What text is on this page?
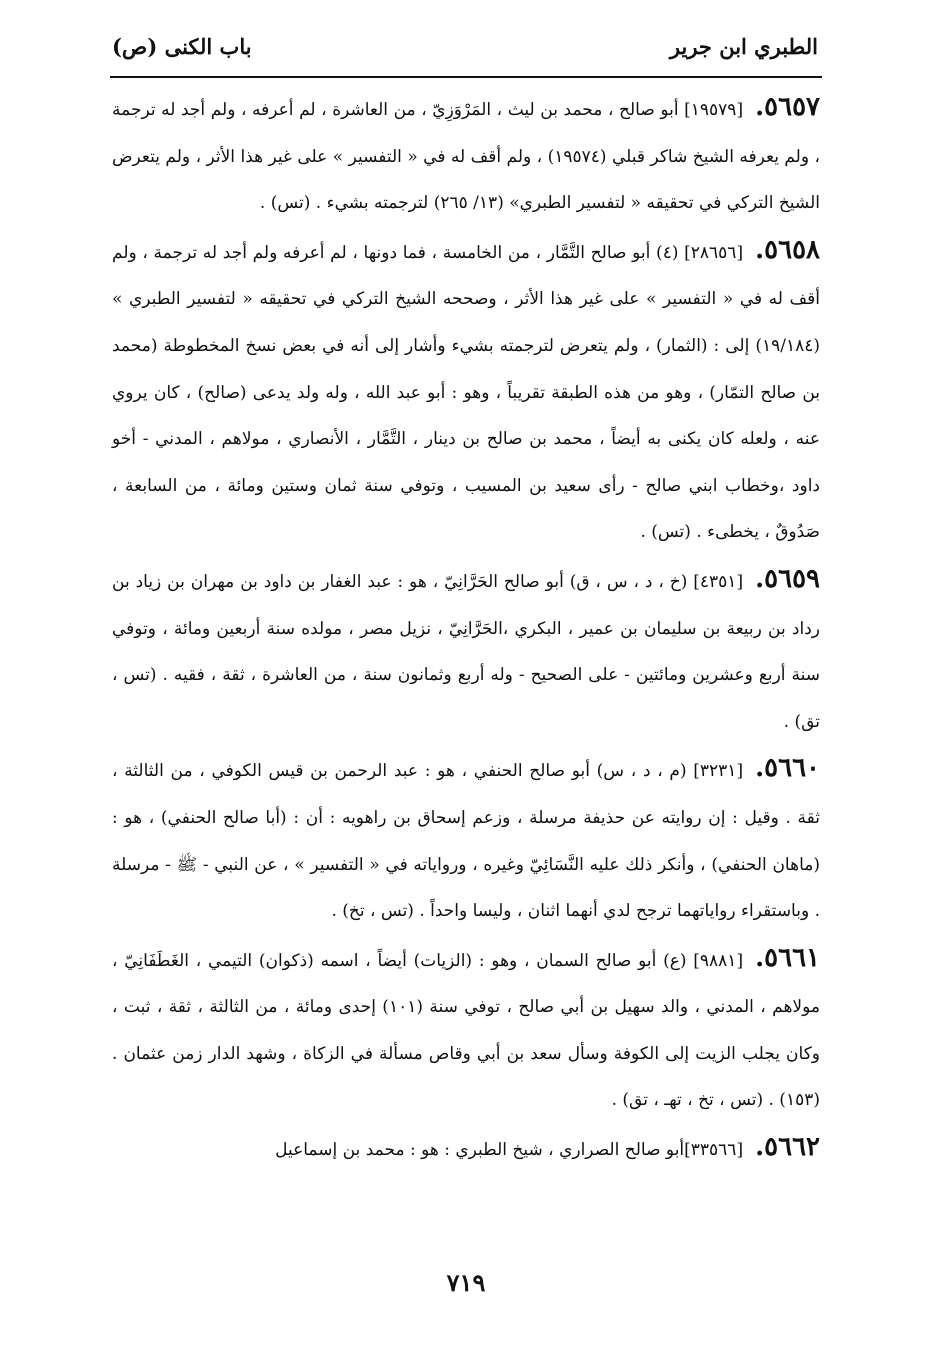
الطبري ابن جرير
باب الكنى (ص)

٥٦٥٧.[١٩٥٧٩] أبو صالح ، محمد بن ليث ، المَرْوَزِيّ ، من العاشرة ، لم أعرفه ، ولم أجد له ترجمة ، ولم يعرفه الشيخ شاكر قبلي (١٩٥٧٤) ، ولم أقف له في « التفسير » على غير هذا الأثر ، ولم يتعرض الشيخ التركي في تحقيقه « لتفسير الطبري» (١٣/ ٢٦٥) لترجمته بشيء . (تس) .

٥٦٥٨.[٢٨٦٥٦] (٤) أبو صالح التَّمَّار ، من الخامسة ، فما دونها ، لم أعرفه ولم أجد له ترجمة ، ولم أقف له في « التفسير » على غير هذا الأثر ، وصححه الشيخ التركي في تحقيقه « لتفسير الطبري » (١٩/١٨٤) إلى : (الثمار) ، ولم يتعرض لترجمته بشيء وأشار إلى أنه في بعض نسخ المخطوطة (محمد بن صالح التمّار) ، وهو من هذه الطبقة تقريباً ، وهو : أبو عبد الله ، وله ولد يدعى (صالح) ، كان يروي عنه ، ولعله كان يكنى به أيضاً ، محمد بن صالح بن دينار ، التَّمَّار ، الأنصاري ، مولاهم ، المدني - أخو داود ،وخطاب ابني صالح - رأى سعيد بن المسيب ، وتوفي سنة ثمان وستين ومائة ، من السابعة ، صَدُوقٌ ، يخطىء . (تس) .

٥٦٥٩.[٤٣٥١] (خ ، د ، س ، ق) أبو صالح الحَرَّانِيّ ، هو : عبد الغفار بن داود بن مهران بن زياد بن رداد بن ربيعة بن سليمان بن عمير ، البكري ،الحَرَّانِيّ ، نزيل مصر ، مولده سنة أربعين ومائة ، وتوفي سنة أربع وعشرين ومائتين - على الصحيح - وله أربع وثمانون سنة ، من العاشرة ، ثقة ، فقيه . (تس ، تق) .

٥٦٦٠.[٣٢٣١] (م ، د ، س) أبو صالح الحنفي ، هو : عبد الرحمن بن قيس الكوفي ، من الثالثة ، ثقة . وقيل : إن روايته عن حذيفة مرسلة ، وزعم إسحاق بن راهويه : أن : (أبا صالح الحنفي) ، هو : (ماهان الحنفي) ، وأنكر ذلك عليه النَّسَائِيّ وغيره ، ورواياته في « التفسير » ، عن النبي - ﷺ - مرسلة . وباستقراء رواياتهما ترجح لدي أنهما اثنان ، وليسا واحداً . (تس ، تخ) .

٥٦٦١.[٩٨٨١] (ع) أبو صالح السمان ، وهو : (الزيات) أيضاً ، اسمه (ذكوان) التيمي ، الغَطَفَانِيّ ، مولاهم ، المدني ، والد سهيل بن أبي صالح ، توفي سنة (١٠١) إحدى ومائة ، من الثالثة ، ثقة ، ثبت ، وكان يجلب الزيت إلى الكوفة وسأل سعد بن أبي وقاص مسألة في الزكاة ، وشهد الدار زمن عثمان . (١٥٣) . (تس ، تخ ، تهـ ، تق) .

٥٦٦٢.[٣٣٥٦٦]أبو صالح الصراري ، شيخ الطبري : هو : محمد بن إسماعيل

٧١٩
